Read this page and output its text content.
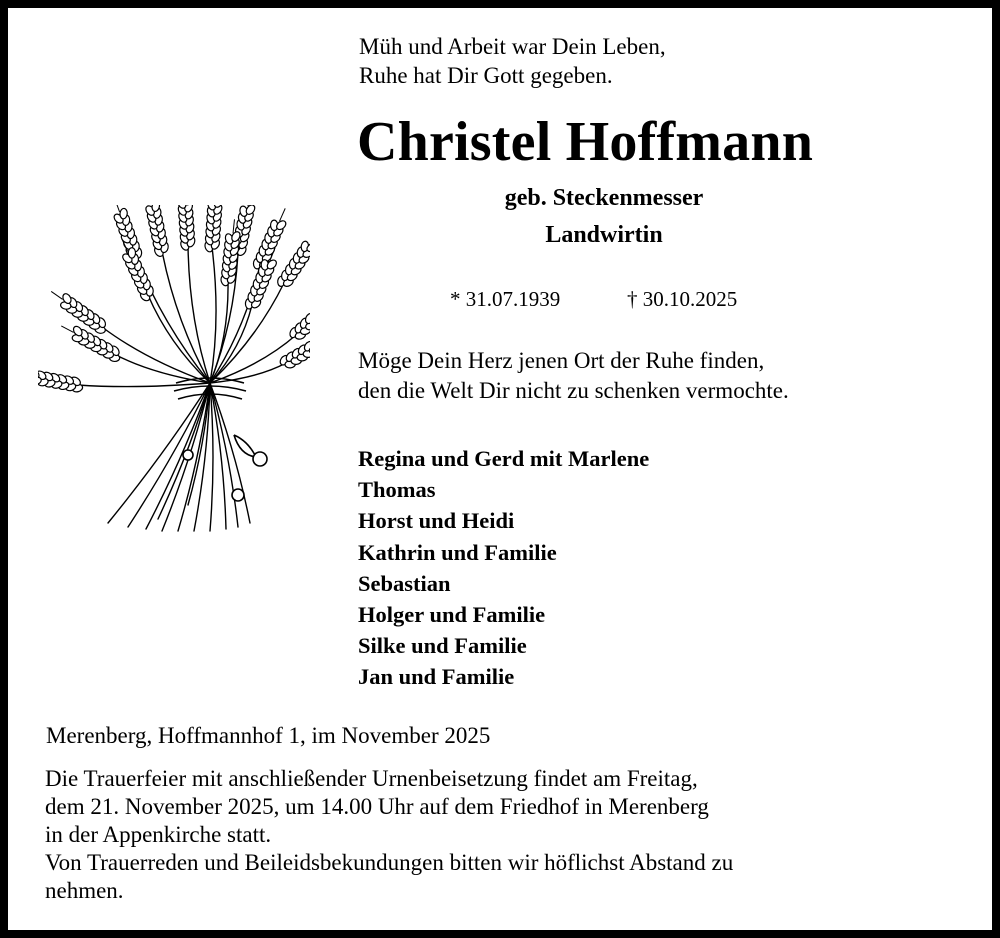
Müh und Arbeit war Dein Leben,
Ruhe hat Dir Gott gegeben.
Christel Hoffmann
geb. Steckenmesser
Landwirtin
* 31.07.1939	† 30.10.2025
Möge Dein Herz jenen Ort der Ruhe finden,
den die Welt Dir nicht zu schenken vermochte.
Regina und Gerd mit Marlene
Thomas
Horst und Heidi
Kathrin und Familie
Sebastian
Holger und Familie
Silke und Familie
Jan und Familie
Merenberg, Hoffmannhof 1, im November 2025
Die Trauerfeier mit anschließender Urnenbeisetzung findet am Freitag,
dem 21. November 2025, um 14.00 Uhr auf dem Friedhof in Merenberg
in der Appenkirche statt.
Von Trauerreden und Beileidsbekundungen bitten wir höflichst Abstand zu
nehmen.
